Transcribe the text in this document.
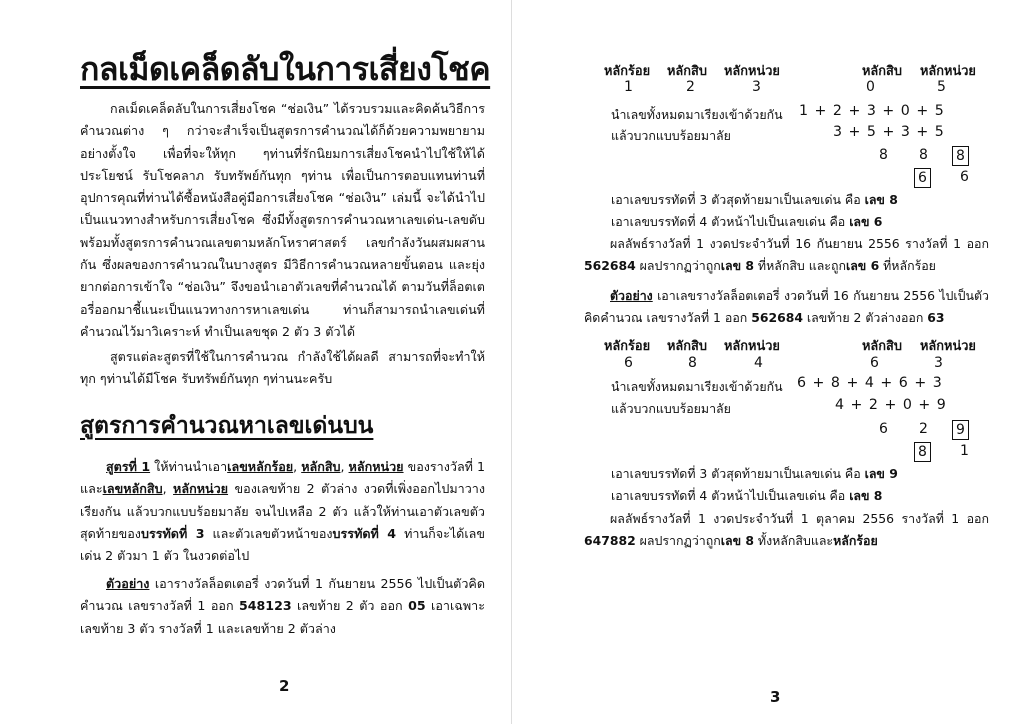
กลเม็ดเคล็ดลับในการเสี่ยงโชค
กลเม็ดเคล็ดลับในการเสี่ยงโชค “ช่อเงิน” ได้รวบรวมและคิดค้นวิธีการคำนวณต่าง ๆ กว่าจะสำเร็จเป็นสูตรการคำนวณได้ก็ด้วยความพยายามอย่างตั้งใจ เพื่อที่จะให้ทุก ๆท่านที่รักนิยมการเสี่ยงโชคนำไปใช้ให้ได้ประโยชน์ รับโชคลาภ รับทรัพย์กันทุก ๆท่าน เพื่อเป็นการตอบแทนท่านที่อุปการคุณที่ท่านได้ซื้อหนังสือคู่มือการเสี่ยงโชค “ช่อเงิน” เล่มนี้ จะได้นำไปเป็นแนวทางสำหรับการเสี่ยงโชค ซึ่งมีทั้งสูตรการคำนวณหาเลขเด่น-เลขดับ พร้อมทั้งสูตรการคำนวณเลขตามหลักโหราศาสตร์ เลขกำลังวันผสมผสานกัน ซึ่งผลของการคำนวณในบางสูตร มีวิธีการคำนวณหลายขั้นตอน และยุ่งยากต่อการเข้าใจ “ช่อเงิน” จึงขอนำเอาตัวเลขที่คำนวณได้ ตามวันที่ล็อตเตอรี่ออกมาชี้แนะเป็นแนวทางการหาเลขเด่น ท่านก็สามารถนำเลขเด่นที่คำนวณไว้มาวิเคราะห์ ทำเป็นเลขชุด 2 ตัว 3 ตัวได้
สูตรแต่ละสูตรที่ใช้ในการคำนวณ กำลังใช้ได้ผลดี สามารถที่จะทำให้ทุก ๆท่านได้มีโชค รับทรัพย์กันทุก ๆท่านนะครับ
สูตรการคำนวณหาเลขเด่นบน
สูตรที่ 1 ให้ท่านนำเอาเลขหลักร้อย, หลักสิบ, หลักหน่วย ของรางวัลที่ 1 และเลขหลักสิบ, หลักหน่วย ของเลขท้าย 2 ตัวล่าง งวดที่เพิ่งออกไปมาวางเรียงกัน แล้วบวกแบบร้อยมาลัย จนไปเหลือ 2 ตัว แล้วให้ท่านเอาตัวเลขตัวสุดท้ายของบรรทัดที่ 3 และตัวเลขตัวหน้าของบรรทัดที่ 4 ท่านก็จะได้เลขเด่น 2 ตัวมา 1 ตัว ในงวดต่อไป
ตัวอย่าง เอารางวัลล็อตเตอรี่ งวดวันที่ 1 กันยายน 2556 ไปเป็นตัวคิดคำนวณ เลขรางวัลที่ 1 ออก 548123 เลขท้าย 2 ตัว ออก 05 เอาเฉพาะเลขท้าย 3 ตัว รางวัลที่ 1 และเลขท้าย 2 ตัวล่าง
2
หลักร้อย หลักสิบ หลักหน่วย	หลักสิบ หลักหน่วย
1	2	3	0	5
นำเลขทั้งหมดมาเรียงเข้าด้วยกัน 1 + 2 + 3 + 0 + 5
แล้วบวกแบบร้อยมาลัย	3 + 5 + 3 + 5
8 8 8
6 6
เอาเลขบรรทัดที่ 3 ตัวสุดท้ายมาเป็นเลขเด่น คือ เลข 8
เอาเลขบรรทัดที่ 4 ตัวหน้าไปเป็นเลขเด่น คือ เลข 6
ผลลัพธ์รางวัลที่ 1 งวดประจำวันที่ 16 กันยายน 2556 รางวัลที่ 1 ออก 562684 ผลปรากฏว่าถูกเลข 8 ที่หลักสิบ และถูกเลข 6 ที่หลักร้อย
ตัวอย่าง เอาเลขรางวัลล็อตเตอรี่ งวดวันที่ 16 กันยายน 2556 ไปเป็นตัวคิดคำนวณ เลขรางวัลที่ 1 ออก 562684 เลขท้าย 2 ตัวล่างออก 63
หลักร้อย หลักสิบ หลักหน่วย	หลักสิบ หลักหน่วย
6	8	4	6	3
นำเลขทั้งหมดมาเรียงเข้าด้วยกัน 6 + 8 + 4 + 6 + 3
แล้วบวกแบบร้อยมาลัย	4 + 2 + 0 + 9
6 2 9
8 1
เอาเลขบรรทัดที่ 3 ตัวสุดท้ายมาเป็นเลขเด่น คือ เลข 9
เอาเลขบรรทัดที่ 4 ตัวหน้าไปเป็นเลขเด่น คือ เลข 8
ผลลัพธ์รางวัลที่ 1 งวดประจำวันที่ 1 ตุลาคม 2556 รางวัลที่ 1 ออก 647882 ผลปรากฏว่าถูกเลข 8 ทั้งหลักสิบและหลักร้อย
3
